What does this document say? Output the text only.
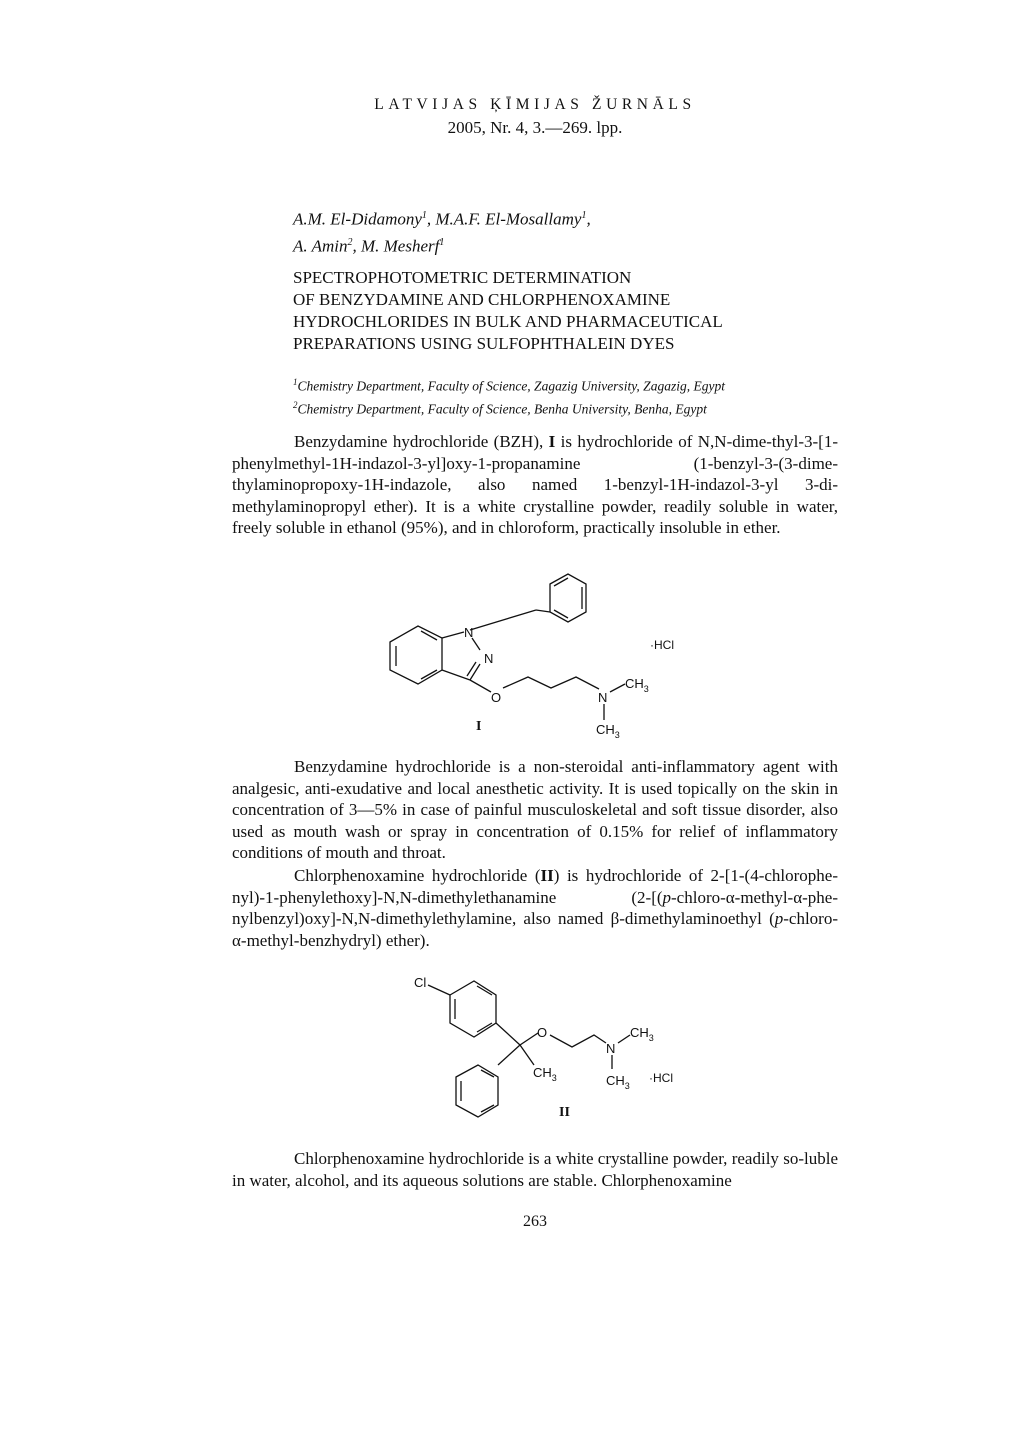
LATVIJAS ĶĪMIJAS ŽURNĀLS
2005, Nr. 4, 3.—269. lpp.
A.M. El-Didamony$^1$, M.A.F. El-Mosallamy$^1$,
A. Amin$^2$, M. Mesherf$^1$
SPECTROPHOTOMETRIC DETERMINATION
OF BENZYDAMINE AND CHLORPHENOXAMINE
HYDROCHLORIDES IN BULK AND PHARMACEUTICAL
PREPARATIONS USING SULFOPHTHALEIN DYES
$^1$Chemistry Department, Faculty of Science, Zagazig University, Zagazig, Egypt
$^2$Chemistry Department, Faculty of Science, Benha University, Benha, Egypt

Benzydamine hydrochloride (BZH), I is hydrochloride of N,N-dime-thyl-3-[1-phenylmethyl-1H-indazol-3-yl]oxy-1-propanamine (1-benzyl-3-(3-dime-thylaminopropoxy-1H-indazole, also named 1-benzyl-1H-indazol-3-yl 3-di-methylaminopropyl ether). It is a white crystalline powder, readily soluble in water, freely soluble in ethanol (95%), and in chloroform, practically insoluble in ether.

N
N
O	N
$CH_3$
$CH_3$
·HCl
I

Benzydamine hydrochloride is a non-steroidal anti-inflammatory agent with analgesic, anti-exudative and local anesthetic activity. It is used topically on the skin in concentration of 3—5% in case of painful musculoskeletal and soft tissue disorder, also used as mouth wash or spray in concentration of 0.15% for relief of inflammatory conditions of mouth and throat.

Chlorphenoxamine hydrochloride (II) is hydrochloride of 2-[1-(4-chlorophe-nyl)-1-phenylethoxy]-N,N-dimethylethanamine (2-[(p-chloro-α-methyl-α-phe-nylbenzyl)oxy]-N,N-dimethylethylamine, also named β-dimethylaminoethyl (p-chloro-α-methyl-benzhydryl) ether).

Cl
O
N
$CH_3$
$CH_3$	$CH_3$
·HCl
II

Chlorphenoxamine hydrochloride is a white crystalline powder, readily so-luble in water, alcohol, and its aqueous solutions are stable. Chlorphenoxamine

263
